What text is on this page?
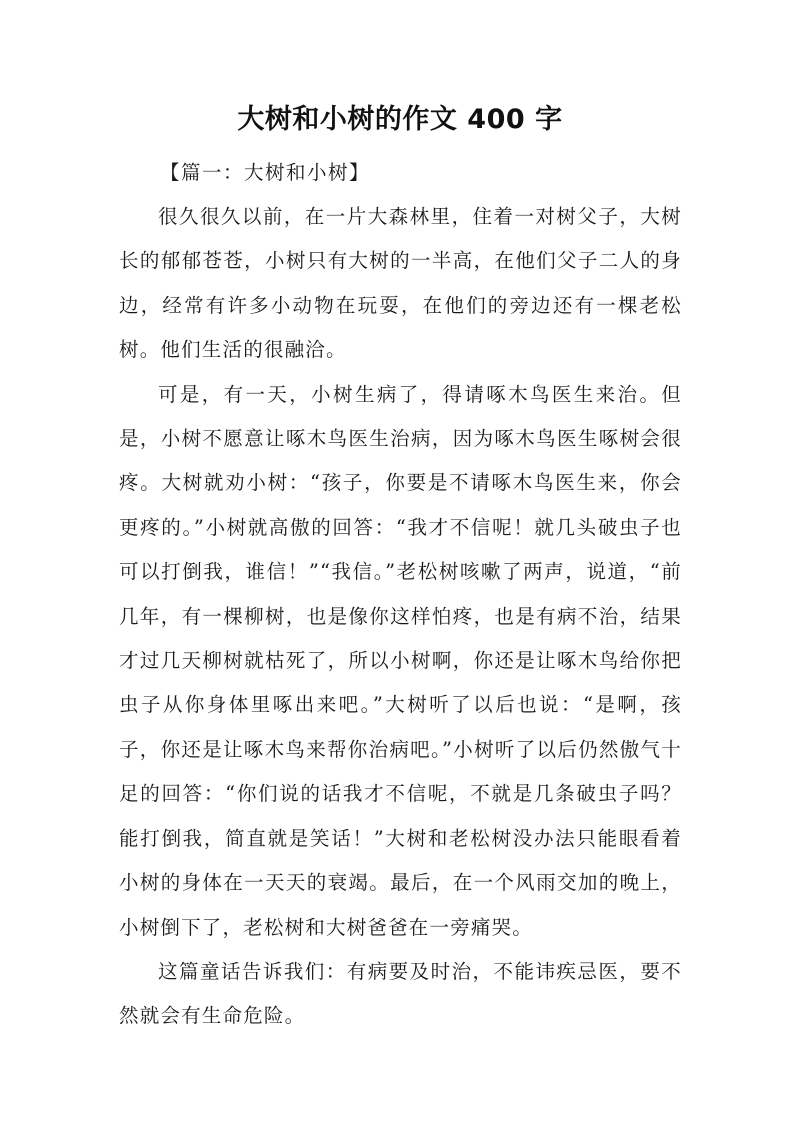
大树和小树的作文 400 字
【篇一：大树和小树】

很久很久以前，在一片大森林里，住着一对树父子，大树长的郁郁苍苍，小树只有大树的一半高，在他们父子二人的身边，经常有许多小动物在玩耍，在他们的旁边还有一棵老松树。他们生活的很融洽。

可是，有一天，小树生病了，得请啄木鸟医生来治。但是，小树不愿意让啄木鸟医生治病，因为啄木鸟医生啄树会很疼。大树就劝小树：“孩子，你要是不请啄木鸟医生来，你会更疼的。”小树就高傲的回答：“我才不信呢！就几头破虫子也可以打倒我，谁信！”“我信。”老松树咳嗽了两声，说道，“前几年，有一棵柳树，也是像你这样怕疼，也是有病不治，结果才过几天柳树就枯死了，所以小树啊，你还是让啄木鸟给你把虫子从你身体里啄出来吧。”大树听了以后也说：“是啊，孩子，你还是让啄木鸟来帮你治病吧。”小树听了以后仍然傲气十足的回答：“你们说的话我才不信呢，不就是几条破虫子吗？能打倒我，简直就是笑话！”大树和老松树没办法只能眼看着小树的身体在一天天的衰竭。最后，在一个风雨交加的晚上，小树倒下了，老松树和大树爸爸在一旁痛哭。

这篇童话告诉我们：有病要及时治，不能讳疾忌医，要不然就会有生命危险。
